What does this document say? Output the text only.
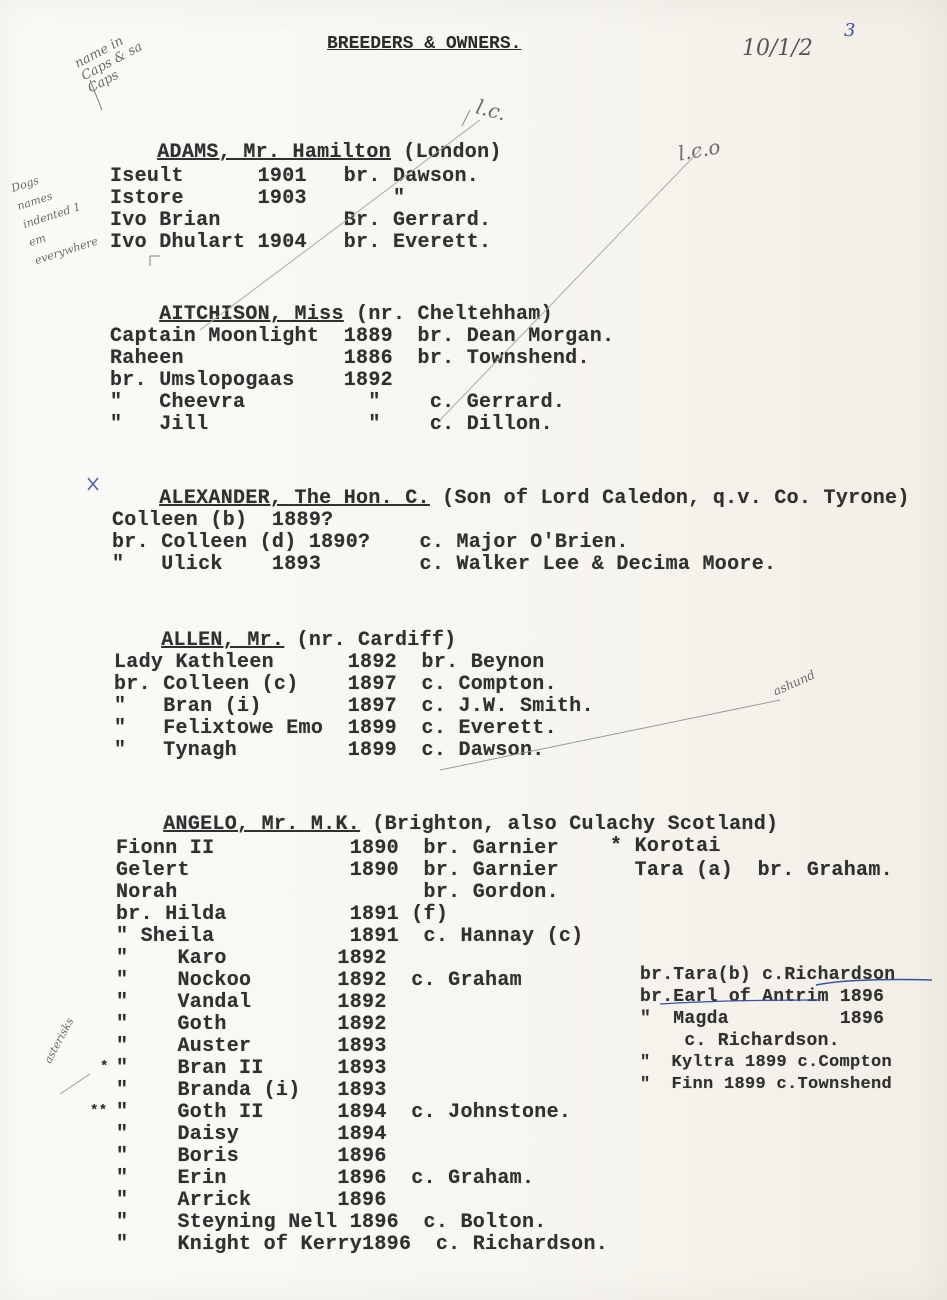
BREEDERS & OWNERS.
3
name in Caps & sa Caps
10/1/2
l.c.
l.c.o
Dogs names indented 1 em everywhere
ashund
asterisks

ADAMS, Mr. Hamilton (London)

Iseult      1901   br. Dawson.
Istore      1903       "
Ivo Brian          Br. Gerrard.
Ivo Dhulart 1904   br. Everett.

AITCHISON, Miss (nr. Cheltehham)

Captain Moonlight  1889  br. Dean Morgan.
Raheen             1886  br. Townshend.
br. Umslopogaas    1892
"   Cheevra          "    c. Gerrard.
"   Jill             "    c. Dillon.

ALEXANDER, The Hon. C. (Son of Lord Caledon, q.v. Co. Tyrone)

Colleen (b)  1889?
br. Colleen (d) 1890?    c. Major O'Brien.
"   Ulick    1893        c. Walker Lee & Decima Moore.

ALLEN, Mr. (nr. Cardiff)

Lady Kathleen      1892  br. Beynon
br. Colleen (c)    1897  c. Compton.
"   Bran (i)       1897  c. J.W. Smith.
"   Felixtowe Emo  1899  c. Everett.
"   Tynagh         1899  c. Dawson.

ANGELO, Mr. M.K. (Brighton, also Culachy Scotland)

Fionn II           1890  br. Garnier
Gelert             1890  br. Garnier
Norah                    br. Gordon.
br. Hilda          1891 (f)
" Sheila           1891  c. Hannay (c)
"    Karo         1892
"    Nockoo       1892  c. Graham
"    Vandal       1892
"    Goth         1892
"    Auster       1893
"    Bran II      1893
"    Branda (i)   1893
"    Goth II      1894  c. Johnstone.
"    Daisy        1894
"    Boris        1896
"    Erin         1896  c. Graham.
"    Arrick       1896
"    Steyning Nell 1896  c. Bolton.
"    Knight of Kerry1896  c. Richardson.
*
**
* Korotai
Tara (a)  br. Graham.
br.Tara(b) c.Richardson
br.Earl of Antrim 1896
"  Magda          1896
c. Richardson.
"  Kyltra 1899 c.Compton
"  Finn 1899 c.Townshend
